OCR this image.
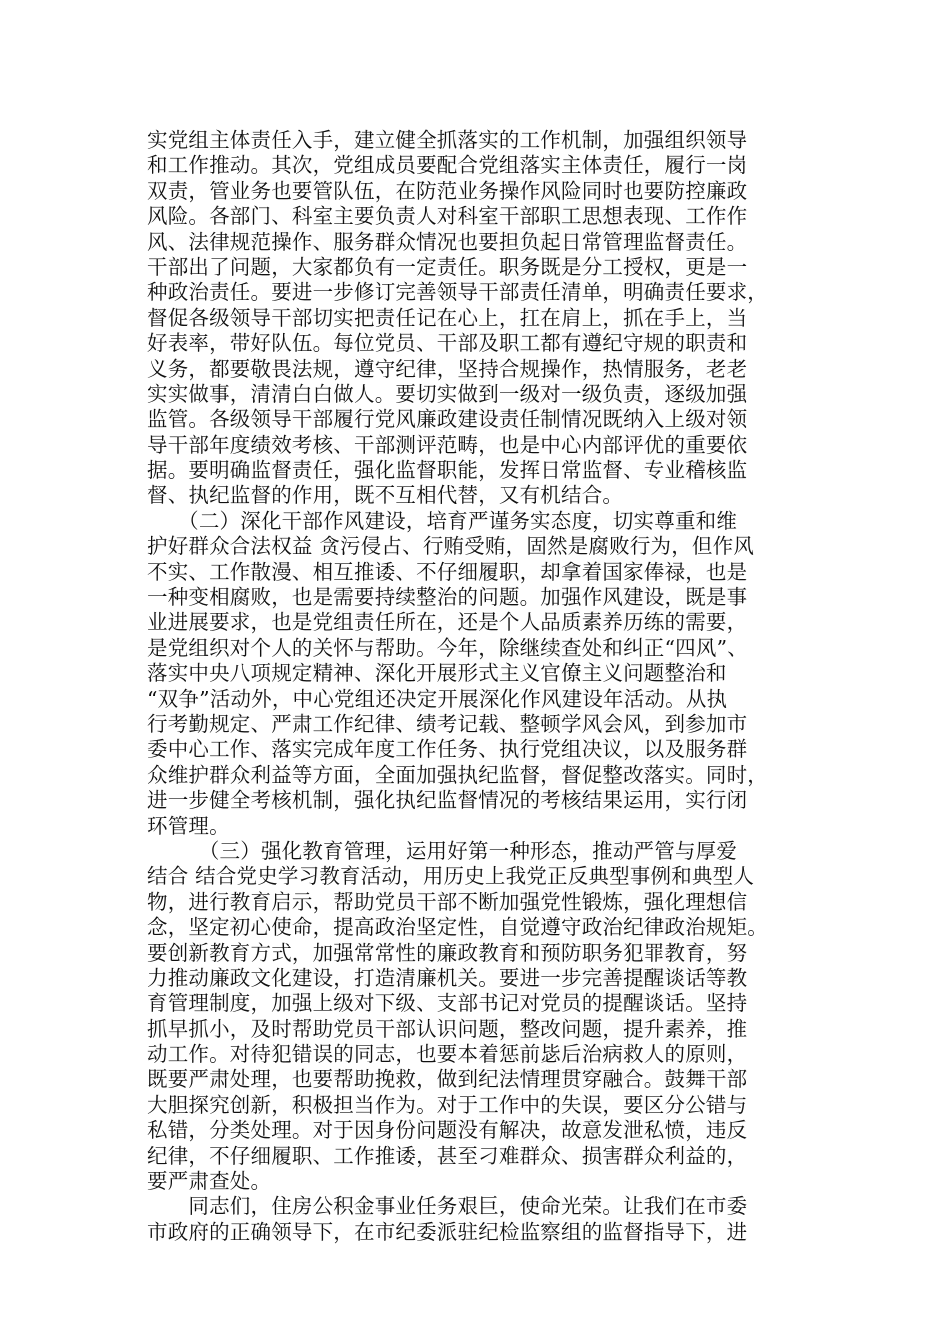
实党组主体责任入手，建立健全抓落实的工作机制，加强组织领导
和工作推动。其次，党组成员要配合党组落实主体责任，履行一岗
双责，管业务也要管队伍，在防范业务操作风险同时也要防控廉政
风险。各部门、科室主要负责人对科室干部职工思想表现、工作作
风、法律规范操作、服务群众情况也要担负起日常管理监督责任。
干部出了问题，大家都负有一定责任。职务既是分工授权，更是一
种政治责任。要进一步修订完善领导干部责任清单，明确责任要求，
督促各级领导干部切实把责任记在心上，扛在肩上，抓在手上，当
好表率，带好队伍。每位党员、干部及职工都有遵纪守规的职责和
义务，都要敬畏法规，遵守纪律，坚持合规操作，热情服务，老老
实实做事，清清白白做人。要切实做到一级对一级负责，逐级加强
监管。各级领导干部履行党风廉政建设责任制情况既纳入上级对领
导干部年度绩效考核、干部测评范畴，也是中心内部评优的重要依
据。要明确监督责任，强化监督职能，发挥日常监督、专业稽核监
督、执纪监督的作用，既不互相代替，又有机结合。
　　（二）深化干部作风建设，培育严谨务实态度，切实尊重和维
护好群众合法权益 贪污侵占、行贿受贿，固然是腐败行为，但作风
不实、工作散漫、相互推诿、不仔细履职，却拿着国家俸禄，也是
一种变相腐败，也是需要持续整治的问题。加强作风建设，既是事
业进展要求，也是党组责任所在，还是个人品质素养历练的需要，
是党组织对个人的关怀与帮助。今年，除继续查处和纠正“四风”、
落实中央八项规定精神、深化开展形式主义官僚主义问题整治和
“双争”活动外，中心党组还决定开展深化作风建设年活动。从执
行考勤规定、严肃工作纪律、绩考记载、整顿学风会风，到参加市
委中心工作、落实完成年度工作任务、执行党组决议，以及服务群
众维护群众利益等方面，全面加强执纪监督，督促整改落实。同时，
进一步健全考核机制，强化执纪监督情况的考核结果运用，实行闭
环管理。
　　　（三）强化教育管理，运用好第一种形态，推动严管与厚爱
结合 结合党史学习教育活动，用历史上我党正反典型事例和典型人
物，进行教育启示，帮助党员干部不断加强党性锻炼，强化理想信
念，坚定初心使命，提高政治坚定性，自觉遵守政治纪律政治规矩。
要创新教育方式，加强常常性的廉政教育和预防职务犯罪教育，努
力推动廉政文化建设，打造清廉机关。要进一步完善提醒谈话等教
育管理制度，加强上级对下级、支部书记对党员的提醒谈话。坚持
抓早抓小，及时帮助党员干部认识问题，整改问题，提升素养，推
动工作。对待犯错误的同志，也要本着惩前毖后治病救人的原则，
既要严肃处理，也要帮助挽救，做到纪法情理贯穿融合。鼓舞干部
大胆探究创新，积极担当作为。对于工作中的失误，要区分公错与
私错，分类处理。对于因身份问题没有解决，故意发泄私愤，违反
纪律，不仔细履职、工作推诿，甚至刁难群众、损害群众利益的，
要严肃查处。
　　同志们，住房公积金事业任务艰巨，使命光荣。让我们在市委
市政府的正确领导下，在市纪委派驻纪检监察组的监督指导下，进
